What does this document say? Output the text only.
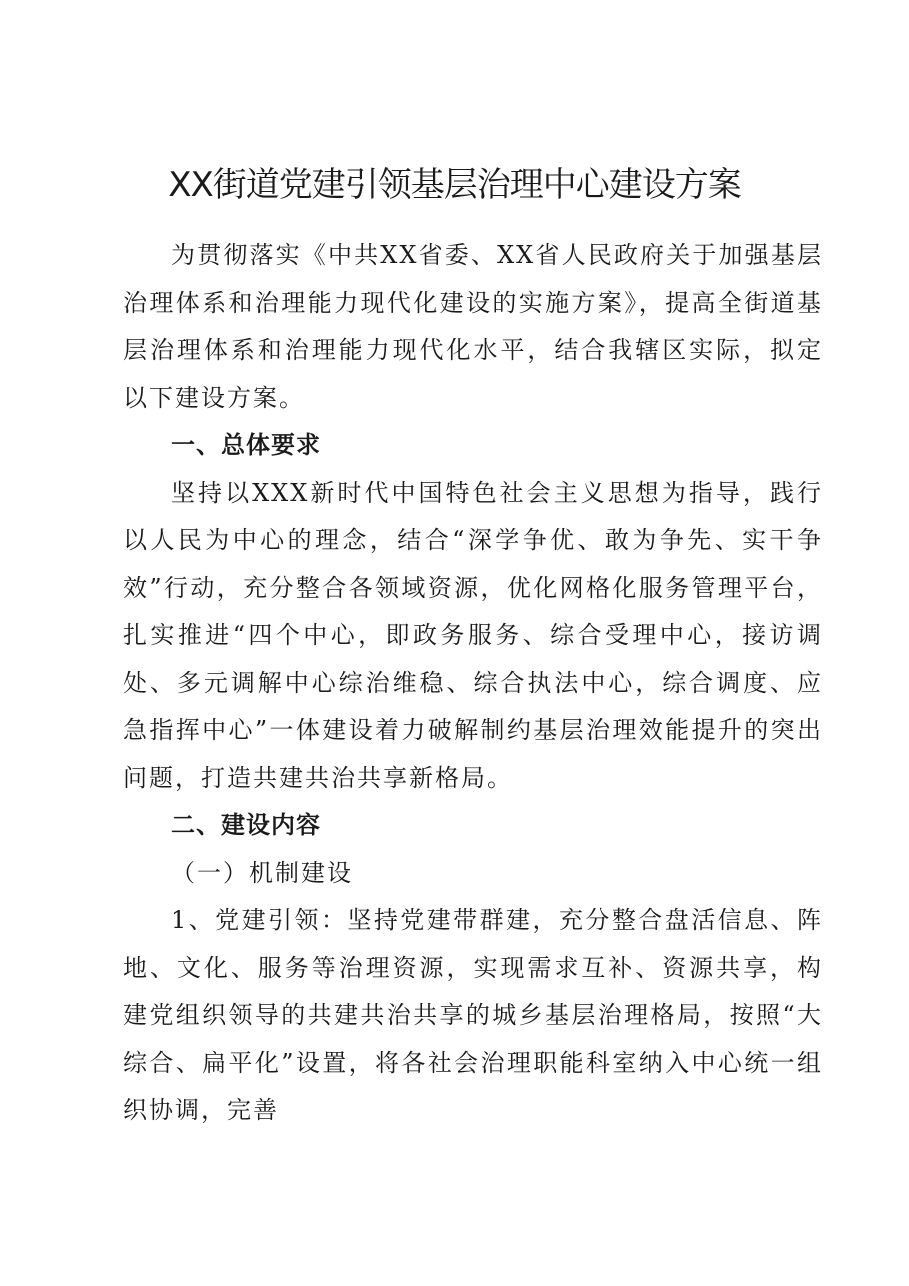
XX街道党建引领基层治理中心建设方案

为贯彻落实《中共XX省委、XX省人民政府关于加强基层治理体系和治理能力现代化建设的实施方案》，提高全街道基层治理体系和治理能力现代化水平，结合我辖区实际，拟定以下建设方案。

一、总体要求

坚持以XXX新时代中国特色社会主义思想为指导，践行以人民为中心的理念，结合“深学争优、敢为争先、实干争效”行动，充分整合各领域资源，优化网格化服务管理平台，扎实推进“四个中心，即政务服务、综合受理中心，接访调处、多元调解中心综治维稳、综合执法中心，综合调度、应急指挥中心”一体建设着力破解制约基层治理效能提升的突出问题，打造共建共治共享新格局。

二、建设内容

（一）机制建设

1、党建引领：坚持党建带群建，充分整合盘活信息、阵地、文化、服务等治理资源，实现需求互补、资源共享，构建党组织领导的共建共治共享的城乡基层治理格局，按照“大综合、扁平化”设置，将各社会治理职能科室纳入中心统一组织协调，完善
